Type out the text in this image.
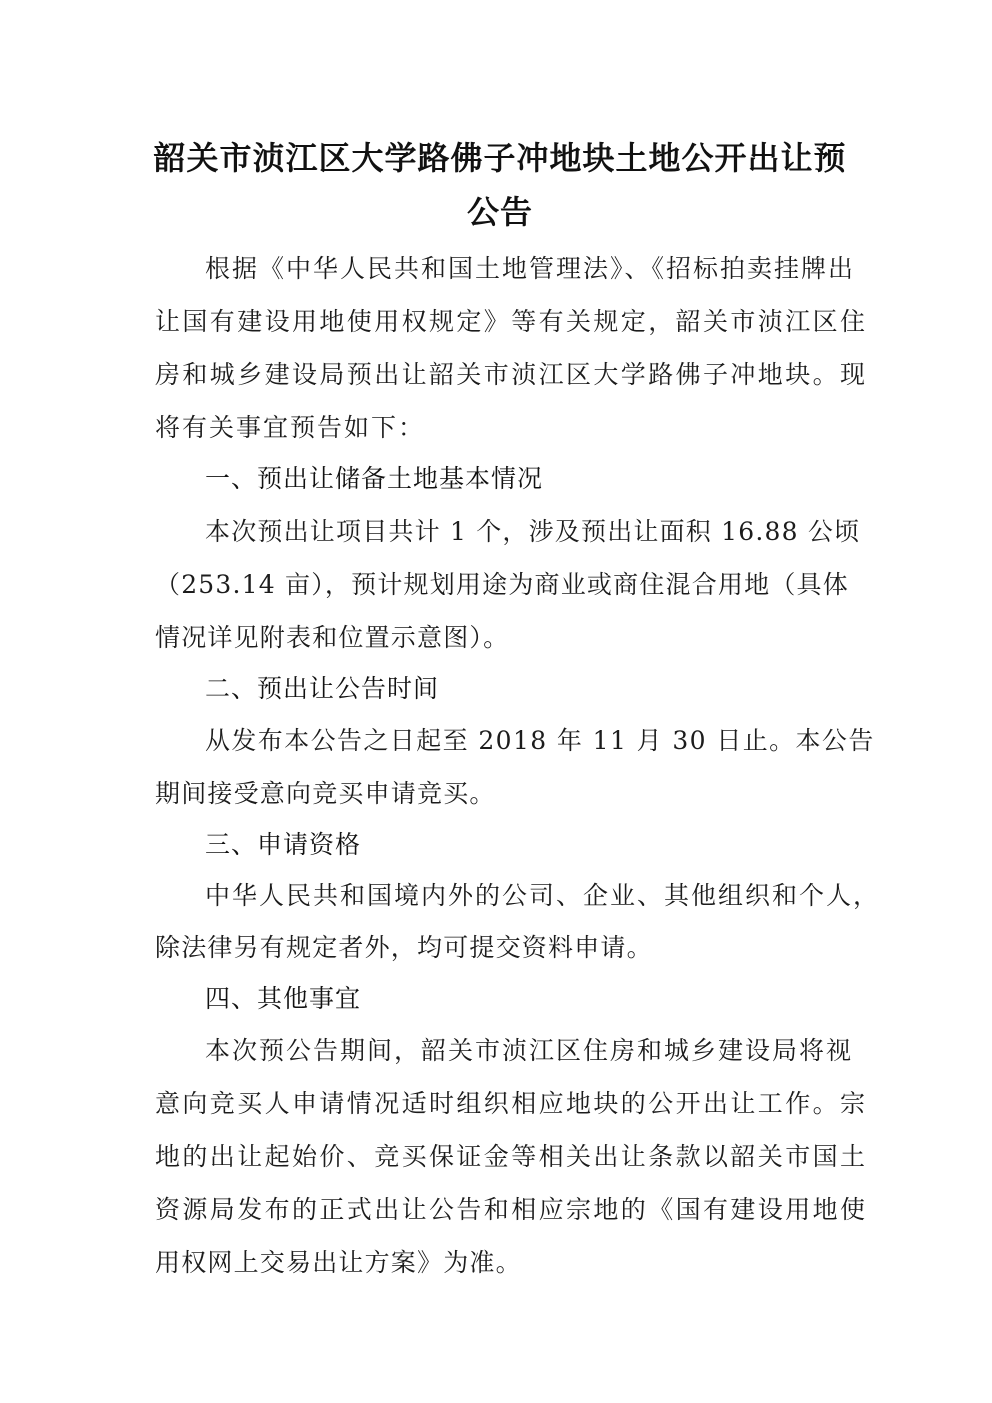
韶关市浈江区大学路佛子冲地块土地公开出让预
公告
根据《中华人民共和国土地管理法》、《招标拍卖挂牌出
让国有建设用地使用权规定》等有关规定，韶关市浈江区住
房和城乡建设局预出让韶关市浈江区大学路佛子冲地块。现
将有关事宜预告如下：
一、预出让储备土地基本情况
本次预出让项目共计 1 个，涉及预出让面积 16.88 公顷
（253.14 亩），预计规划用途为商业或商住混合用地（具体
情况详见附表和位置示意图）。
二、预出让公告时间
从发布本公告之日起至 2018 年 11 月 30 日止。本公告
期间接受意向竞买申请竞买。
三、申请资格
中华人民共和国境内外的公司、企业、其他组织和个人，
除法律另有规定者外，均可提交资料申请。
四、其他事宜
本次预公告期间，韶关市浈江区住房和城乡建设局将视
意向竞买人申请情况适时组织相应地块的公开出让工作。宗
地的出让起始价、竞买保证金等相关出让条款以韶关市国土
资源局发布的正式出让公告和相应宗地的《国有建设用地使
用权网上交易出让方案》为准。
